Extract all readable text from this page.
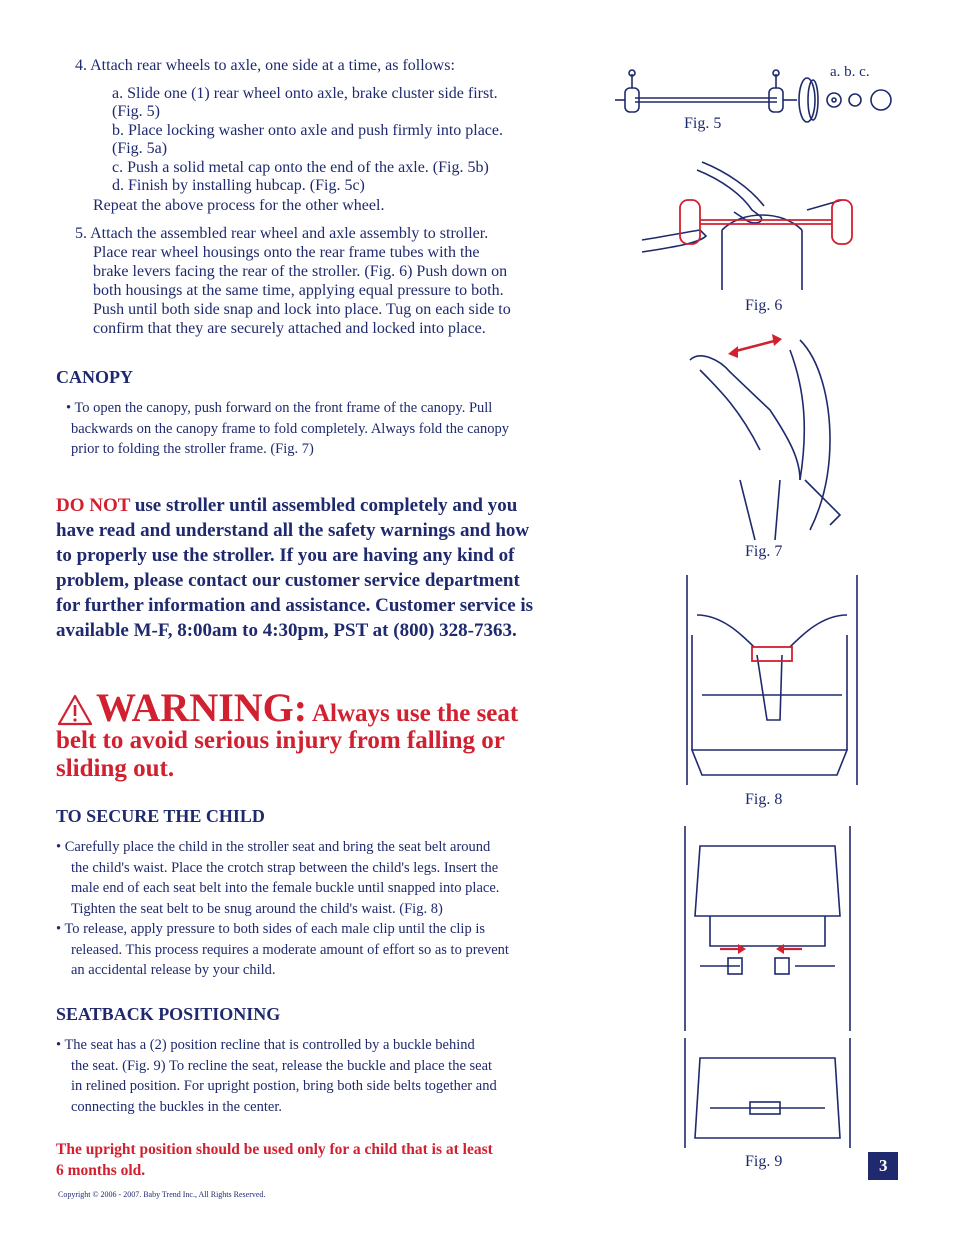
4. Attach rear wheels to axle, one side at a time, as follows:
a. Slide one (1) rear wheel onto axle, brake cluster side first.
(Fig. 5)
b. Place locking washer onto axle and push firmly into place.
(Fig. 5a)
c. Push a solid metal cap onto the end of the axle. (Fig. 5b)
d. Finish by installing hubcap. (Fig. 5c)
Repeat the above process for the other wheel.
5. Attach the assembled rear wheel and axle assembly to stroller.
Place rear wheel housings onto the rear frame tubes with the
brake levers facing the rear of the stroller. (Fig. 6) Push down on
both housings at the same time, applying equal pressure to both.
Push until both side snap and lock into place. Tug on each side to
confirm that they are securely attached and locked into place.
CANOPY
• To open the canopy, push forward on the front frame of the canopy. Pull
backwards on the canopy frame to fold completely. Always fold the canopy
prior to folding the stroller frame. (Fig. 7)
DO NOT use stroller until assembled completely and you
have read and understand all the safety warnings and how
to properly use the stroller. If you are having any kind of
problem, please contact our customer service department
for further information and assistance. Customer service is
available M-F, 8:00am to 4:30pm, PST at (800) 328-7363.
WARNING: Always use the seat
belt to avoid serious injury from falling or
sliding out.
TO SECURE THE CHILD
• Carefully place the child in the stroller seat and bring the seat belt around
the child's waist. Place the crotch strap between the child's legs. Insert the
male end of each seat belt into the female buckle until snapped into place.
Tighten the seat belt to be snug around the child's waist. (Fig. 8)
• To release, apply pressure to both sides of each male clip until the clip is
released. This process requires a moderate amount of effort so as to prevent
an accidental release by your child.
SEATBACK POSITIONING
• The seat has a (2) position recline that is controlled by a buckle behind
the seat. (Fig. 9) To recline the seat, release the buckle and place the seat
in relined position. For upright postion, bring both side belts together and
connecting the buckles in the center.
The upright position should be used only for a child that is at least
6 months old.
Copyright © 2006 - 2007. Baby Trend Inc., All Rights Reserved.
a. b. c.
Fig. 5
Fig. 6
Fig. 7
Fig. 8
Fig. 9	3
